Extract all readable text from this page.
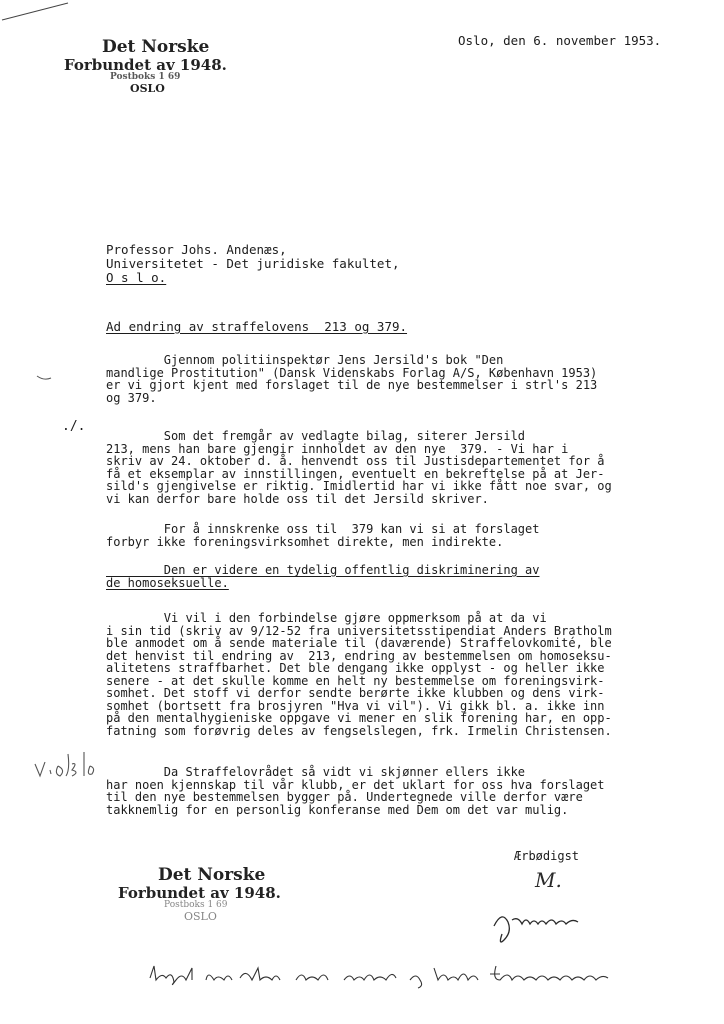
Det Norske
Forbundet av 1948.
Postboks 1 69
OSLO
Oslo, den 6. november 1953.
Professor Johs. Andenæs,
Universitetet - Det juridiske fakultet,
O s l o.
Ad endring av straffelovens  213 og 379.
./.
Gjennom politiinspektør Jens Jersild's bok "Den
mandlige Prostitution" (Dansk Videnskabs Forlag A/S, København 1953)
er vi gjort kjent med forslaget til de nye bestemmelser i strl's 213
og 379.
Som det fremgår av vedlagte bilag, siterer Jersild
213, mens han bare gjengir innholdet av den nye  379. - Vi har i
skriv av 24. oktober d. å. henvendt oss til Justisdepartementet for å
få et eksemplar av innstillingen, eventuelt en bekreftelse på at Jer-
sild's gjengivelse er riktig. Imidlertid har vi ikke fått noe svar, og
vi kan derfor bare holde oss til det Jersild skriver.
For å innskrenke oss til  379 kan vi si at forslaget
forbyr ikke foreningsvirksomhet direkte, men indirekte.
Den er videre en tydelig offentlig diskriminering av
de homoseksuelle.
Vi vil i den forbindelse gjøre oppmerksom på at da vi
i sin tid (skriv av 9/12-52 fra universitetsstipendiat Anders Bratholm
ble anmodet om å sende materiale til (daværende) Straffelovkomité, ble
det henvist til endring av  213, endring av bestemmelsen om homoseksu-
alitetens straffbarhet. Det ble dengang ikke opplyst - og heller ikke
senere - at det skulle komme en helt ny bestemmelse om foreningsvirk-
somhet. Det stoff vi derfor sendte berørte ikke klubben og dens virk-
somhet (bortsett fra brosjyren "Hva vi vil"). Vi gikk bl. a. ikke inn
på den mentalhygieniske oppgave vi mener en slik forening har, en opp-
fatning som forøvrig deles av fengselslegen, frk. Irmelin Christensen.
Da Straffelovrådet så vidt vi skjønner ellers ikke
har noen kjennskap til vår klubb, er det uklart for oss hva forslaget
til den nye bestemmelsen bygger på. Undertegnede ville derfor være
takknemlig for en personlig konferanse med Dem om det var mulig.
Ærbødigst
M.
Det Norske
Forbundet av 1948.
Postboks 1 69
OSLO
